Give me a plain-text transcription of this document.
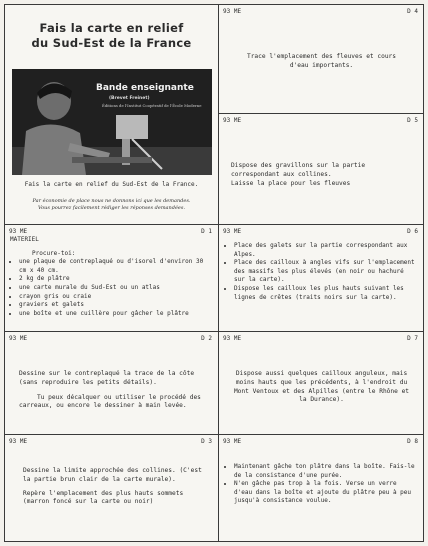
Fais la carte en relief
du Sud-Est de la France
Bande enseignante
(Brevet Freinet)
Éditions de l'Institut Coopératif de l'École Moderne
Fais la carte en relief du Sud-Est de la France.
Par économie de place nous ne donnons ici que les demandes.
Vous pourrez facilement rédiger les réponses demandées.
93 ME	D 4
Trace l'emplacement des fleuves et cours d'eau importants.
93 ME	D 5
Dispose des gravillons sur la partie correspondant aux collines.
Laisse la place pour les fleuves
93 ME	D 1
MATERIEL
Procure-toi:
• une plaque de contreplaqué ou d'isorel d'environ 30 cm x 40 cm.
• 2 kg de plâtre
• une carte murale du Sud-Est ou un atlas
• crayon gris ou craie
• graviers et galets
• une boîte et une cuillère pour gâcher le plâtre
93 ME	D 6
• Place des galets sur la partie correspondant aux Alpes.
• Place des cailloux à angles vifs sur l'emplacement des massifs les plus élevés (en noir ou hachuré sur la carte).
• Dispose les cailloux les plus hauts suivant les lignes de crêtes (traits noirs sur la carte).
93 ME	D 2
Dessine sur le contreplaqué la trace de la côte (sans reproduire les petits détails).
Tu peux décalquer ou utiliser le procédé des carreaux, ou encore le dessiner à main levée.
93 ME	D 7
Dispose aussi quelques cailloux anguleux, mais moins hauts que les précédents, à l'endroit du Mont Ventoux et des Alpilles (entre le Rhône et la Durance).
93 ME	D 3
Dessine la limite approchée des collines. (C'est la partie brun clair de la carte murale).
Repère l'emplacement des plus hauts sommets (marron foncé sur la carte ou noir)
93 ME	D 8
• Maintenant gâche ton plâtre dans la boîte. Fais-le de la consistance d'une purée.
• N'en gâche pas trop à la fois. Verse un verre d'eau dans la boîte et ajoute du plâtre peu à peu jusqu'à consistance voulue.
